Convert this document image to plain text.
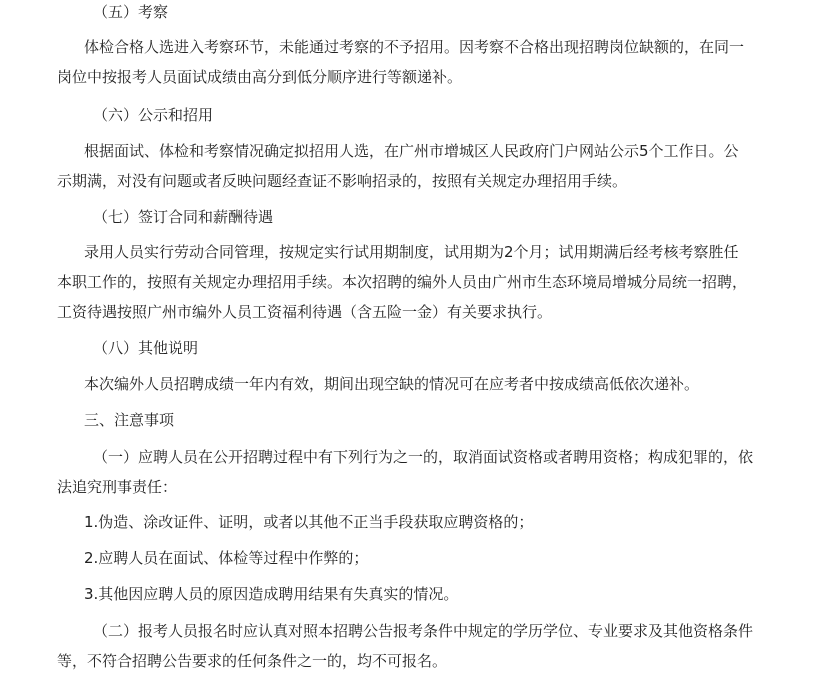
（五）考察
体检合格人选进入考察环节，未能通过考察的不予招用。因考察不合格出现招聘岗位缺额的，在同一
岗位中按报考人员面试成绩由高分到低分顺序进行等额递补。
（六）公示和招用
根据面试、体检和考察情况确定拟招用人选，在广州市增城区人民政府门户网站公示5个工作日。公
示期满，对没有问题或者反映问题经查证不影响招录的，按照有关规定办理招用手续。
（七）签订合同和薪酬待遇
录用人员实行劳动合同管理，按规定实行试用期制度，试用期为2个月；试用期满后经考核考察胜任
本职工作的，按照有关规定办理招用手续。本次招聘的编外人员由广州市生态环境局增城分局统一招聘，
工资待遇按照广州市编外人员工资福利待遇（含五险一金）有关要求执行。
（八）其他说明
本次编外人员招聘成绩一年内有效，期间出现空缺的情况可在应考者中按成绩高低依次递补。
三、注意事项
（一）应聘人员在公开招聘过程中有下列行为之一的，取消面试资格或者聘用资格；构成犯罪的，依
法追究刑事责任：
1.伪造、涂改证件、证明，或者以其他不正当手段获取应聘资格的；
2.应聘人员在面试、体检等过程中作弊的；
3.其他因应聘人员的原因造成聘用结果有失真实的情况。
（二）报考人员报名时应认真对照本招聘公告报考条件中规定的学历学位、专业要求及其他资格条件
等，不符合招聘公告要求的任何条件之一的，均不可报名。
